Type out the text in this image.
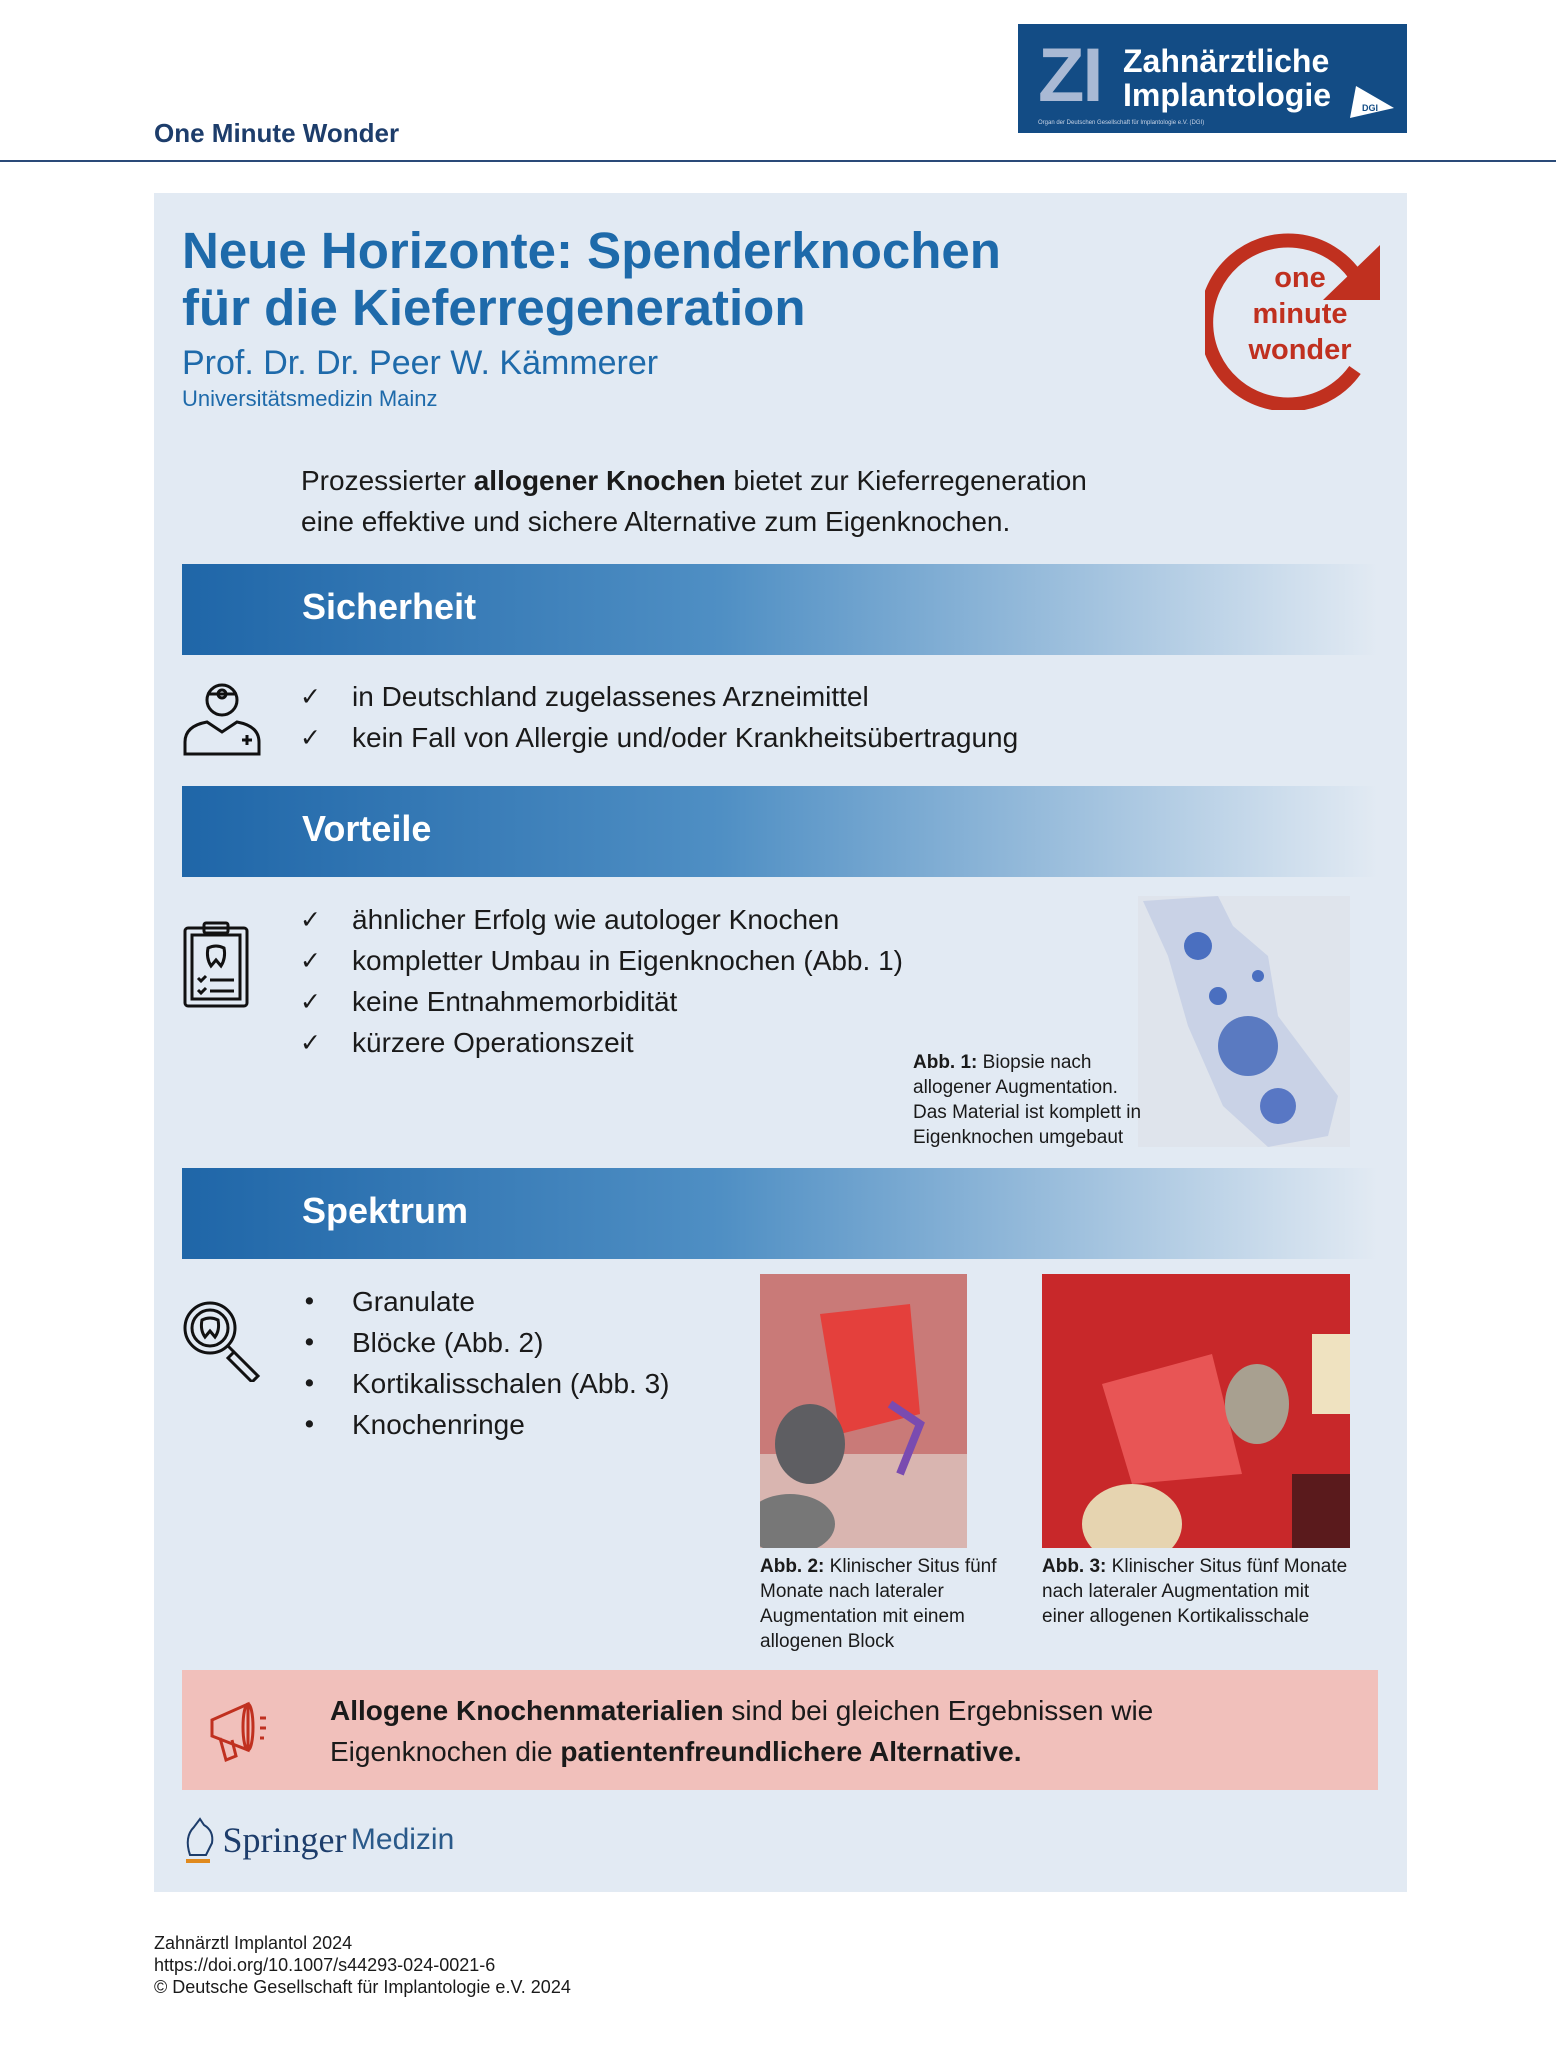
ZI Zahnärztliche
Implantologie
Organ der Deutschen Gesellschaft für Implantologie e.V. (DGI)
DGI
One Minute Wonder
Neue Horizonte: Spenderknochen
für die Kieferregeneration
Prof. Dr. Dr. Peer W. Kämmerer
Universitätsmedizin Mainz
one
minute
wonder
Prozessierter allogener Knochen bietet zur Kieferregeneration
eine effektive und sichere Alternative zum Eigenknochen.
Sicherheit
✓ in Deutschland zugelassenes Arzneimittel
✓ kein Fall von Allergie und/oder Krankheitsübertragung
Vorteile
✓ ähnlicher Erfolg wie autologer Knochen
✓ kompletter Umbau in Eigenknochen (Abb. 1)
✓ keine Entnahmemorbidität
✓ kürzere Operationszeit
Abb. 1: Biopsie nach allogener Augmentation. Das Material ist komplett in Eigenknochen umgebaut
Spektrum
• Granulate
• Blöcke (Abb. 2)
• Kortikalisschalen (Abb. 3)
• Knochenringe
Abb. 2: Klinischer Situs fünf Monate nach lateraler Augmentation mit einem allogenen Block
Abb. 3: Klinischer Situs fünf Monate nach lateraler Augmentation mit einer allogenen Kortikalisschale
Allogene Knochenmaterialien sind bei gleichen Ergebnissen wie
Eigenknochen die patientenfreundlichere Alternative.
Springer Medizin
Zahnärztl Implantol 2024
https://doi.org/10.1007/s44293-024-0021-6
© Deutsche Gesellschaft für Implantologie e.V. 2024
